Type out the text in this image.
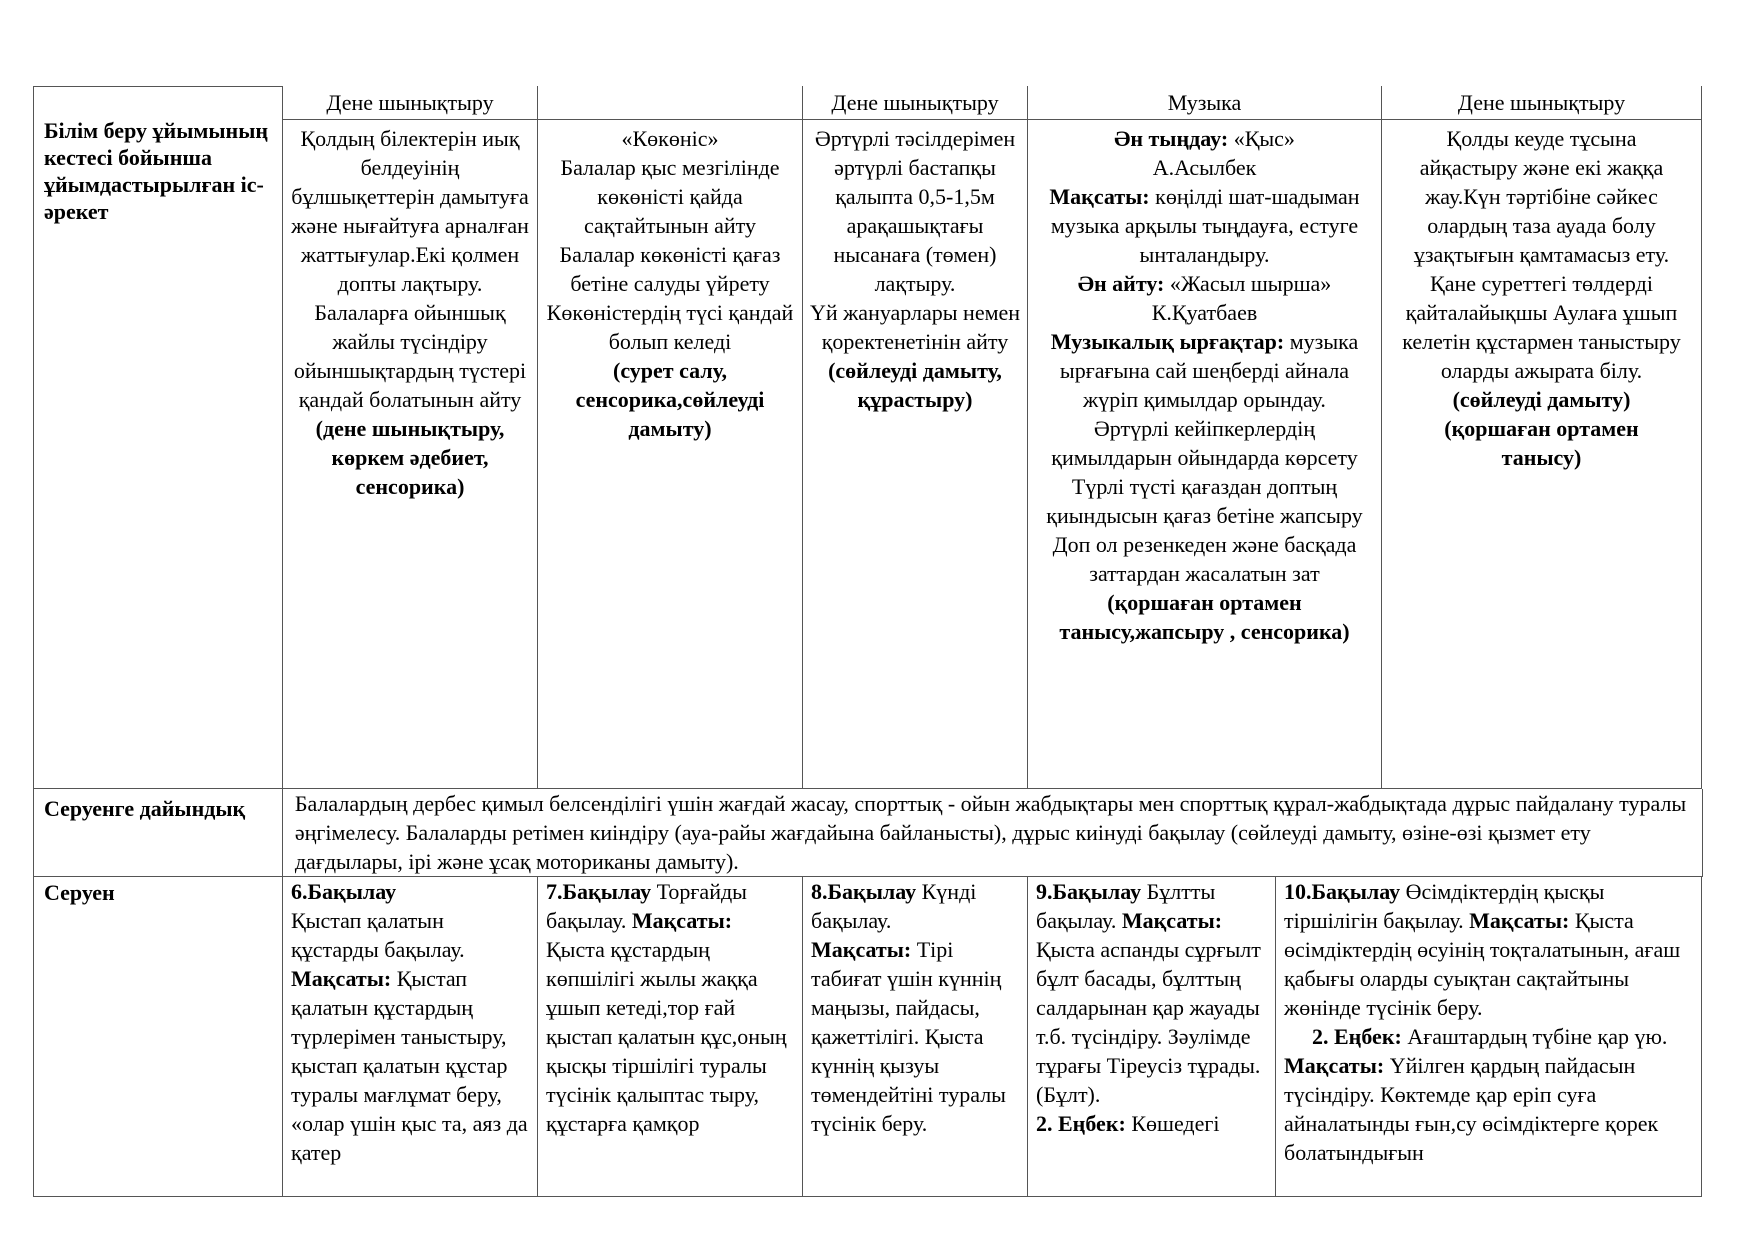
Білім беру ұйымының кестесі бойынша ұйымдастырылған іс-әрекет
Дене шынықтыру

Қолдың білектерін иық белдеуінің бұлшықеттерін дамытуға және нығайтуға арналған жаттығулар.Екі қолмен допты лақтыру.

Балаларға ойыншық жайлы түсіндіру ойыншықтардың түстері қандай болатынын айту

(дене шынықтыру, көркем әдебиет, сенсорика)

«Көкөніс»

Балалар қыс мезгілінде көкөністі қайда сақтайтынын айту

Балалар көкөністі қағаз бетіне салуды үйрету Көкөністердің түсі қандай болып келеді

(сурет салу, сенсорика,сөйлеуді дамыту)

Дене шынықтыру

Әртүрлі тәсілдерімен әртүрлі бастапқы қалыпта 0,5-1,5м арақашықтағы нысанаға (төмен) лақтыру.

Үй жануарлары немен қоректенетінін айту

(сөйлеуді дамыту, құрастыру)

Музыка

Ән тыңдау: «Қыс»

А.Асылбек

Мақсаты: көңілді шат-шадыман музыка арқылы тыңдауға, естуге ынталандыру.

Ән айту: «Жасыл шырша»

К.Қуатбаев

Музыкалық ырғақтар: музыка ырғағына сай шеңберді айнала жүріп қимылдар орындау.

Әртүрлі кейіпкерлердің қимылдарын ойындарда көрсету

Түрлі түсті қағаздан доптың қиындысын қағаз бетіне жапсыру

Доп ол резенкеден және басқада заттардан жасалатын зат

(қоршаған ортамен танысу,жапсыру , сенсорика)

Дене шынықтыру

Қолды кеуде тұсына айқастыру және екі жаққа жау.Күн тәртібіне сәйкес олардың таза ауада болу ұзақтығын қамтамасыз ету.

Қане суреттегі төлдерді қайталайықшы Аулаға ұшып келетін құстармен таныстыру оларды ажырата білу.

(сөйлеуді дамыту)

(қоршаған ортамен танысу)

Серуенге дайындық	Балалардың дербес қимыл белсенділігі үшін жағдай жасау, спорттық - ойын жабдықтары мен спорттық құрал-жабдықтада дұрыс пайдалану туралы әңгімелесу. Балаларды ретімен киіндіру (ауа-райы жағдайына байланысты), дұрыс киінуді бақылау (сөйлеуді дамыту, өзіне-өзі қызмет ету дағдылары, ірі және ұсақ моториканы дамыту).
Серуен	6.Бақылау

Қыстап қалатын құстарды бақылау.

Мақсаты: Қыстап қалатын құстардың түрлерімен таныстыру, қыстап қалатын құстар туралы мағлұмат беру, «олар үшін қыс та, аяз да қатер

7.Бақылау Торғайды бақылау. Мақсаты: Қыста құстардың көпшілігі жылы жаққа ұшып кетеді,тор ғай қыстап қалатын құс,оның қысқы тіршілігі туралы түсінік қалыптас тыру, құстарға қамқор

8.Бақылау Күнді бақылау.

Мақсаты: Тірі табиғат үшін күннің маңызы, пайдасы, қажеттілігі. Қыста күннің қызуы төмендейтіні туралы түсінік беру.

9.Бақылау Бұлтты бақылау. Мақсаты: Қыста аспанды сұрғылт бұлт басады, бұлттың салдарынан қар жауады т.б. түсіндіру. Зәулімде тұрағы Тіреусіз тұрады. (Бұлт).

2. Еңбек: Көшедегі

10.Бақылау Өсімдіктердің қысқы тіршілігін бақылау. Мақсаты: Қыста өсімдіктердің өсуінің тоқталатынын, ағаш қабығы оларды суықтан сақтайтыны жөнінде түсінік беру.

2. Еңбек: Ағаштардың түбіне қар үю. Мақсаты: Үйілген қардың пайдасын түсіндіру. Көктемде қар еріп суға айналатынды ғын,су өсімдіктерге қорек болатындығын
